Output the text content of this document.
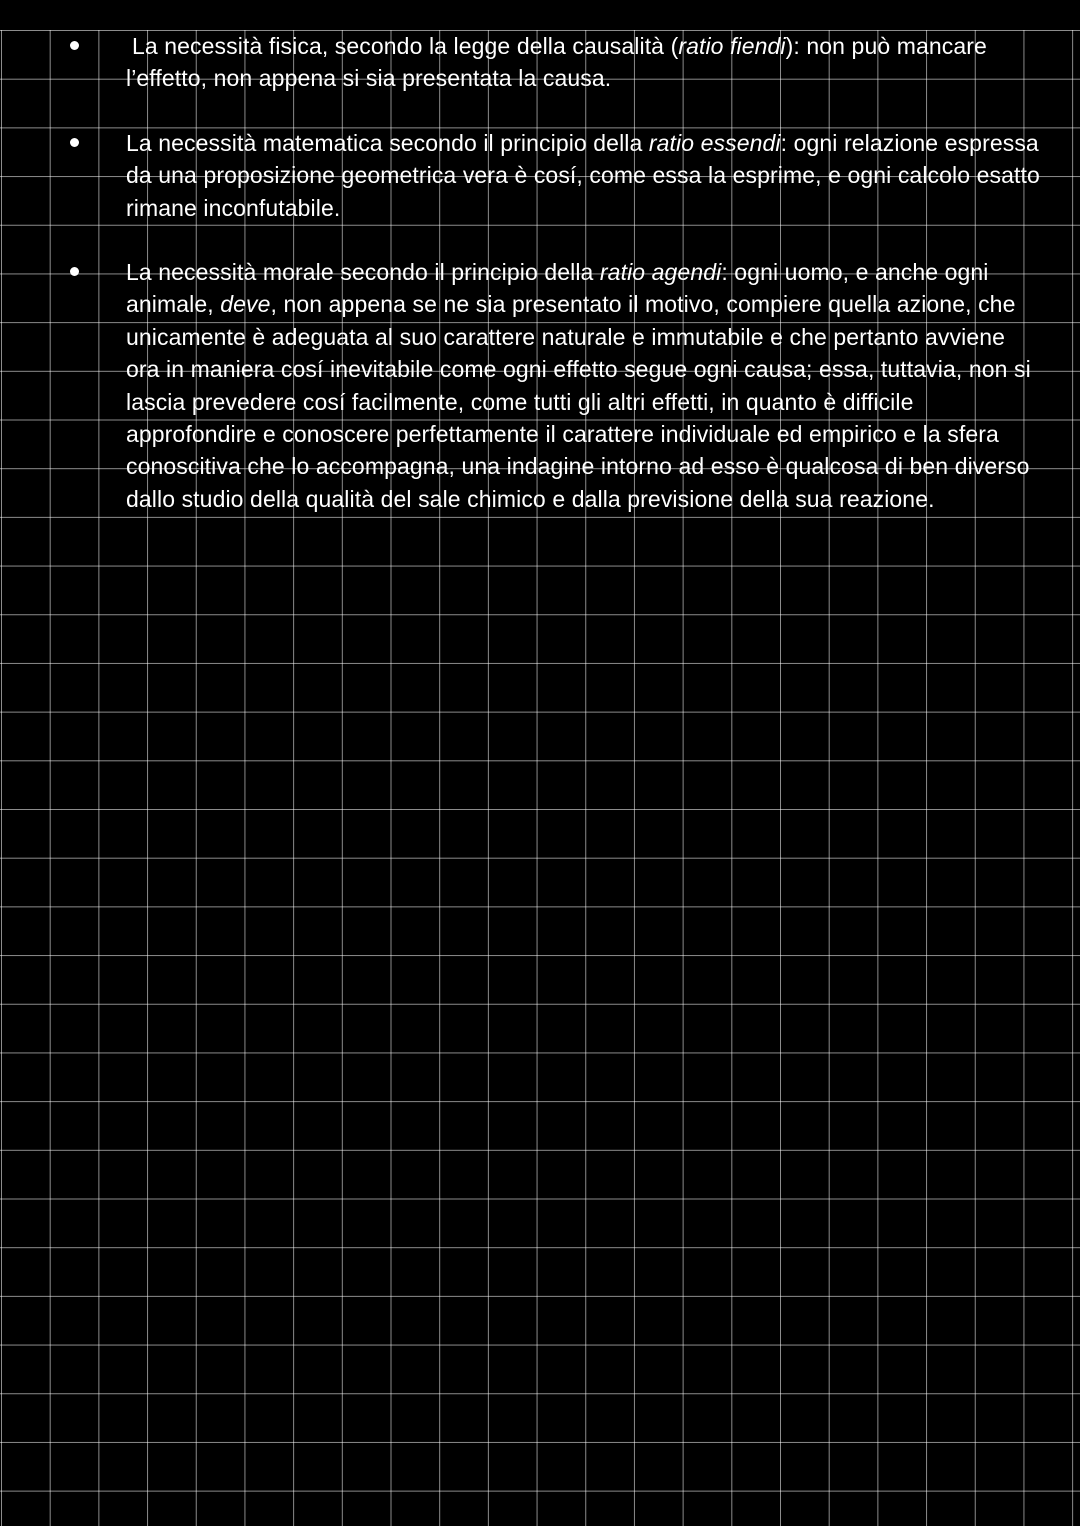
La necessità fisica, secondo la legge della causalità (ratio fiendi): non può mancare l’effetto, non appena si sia presentata la causa.
La necessità matematica secondo il principio della ratio essendi: ogni relazione espressa da una proposizione geometrica vera è cosí, come essa la esprime, e ogni calcolo esatto rimane inconfutabile.
La necessità morale secondo il principio della ratio agendi: ogni uomo, e anche ogni animale, deve, non appena se ne sia presentato il motivo, compiere quella azione, che unicamente è adeguata al suo carattere naturale e immutabile e che pertanto avviene ora in maniera cosí inevitabile come ogni effetto segue ogni causa; essa, tuttavia, non si lascia prevedere cosí facilmente, come tutti gli altri effetti, in quanto è difficile approfondire e conoscere perfettamente il carattere individuale ed empirico e la sfera conoscitiva che lo accompagna, una indagine intorno ad esso è qualcosa di ben diverso dallo studio della qualità del sale chimico e dalla previsione della sua reazione.
